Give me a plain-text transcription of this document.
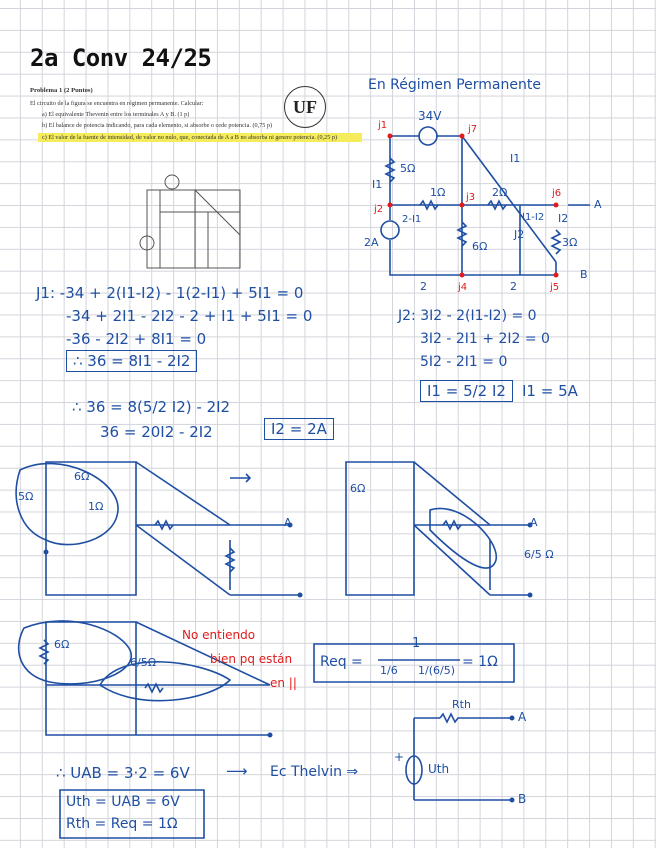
2a Conv 24/25
Problema 1 (2 Puntos)
El circuito de la figura se encuentra en régimen permanente. Calcular:
a) El equivalente Thevenin entre los terminales A y B. (1 p)
b) El balance de potencia indicando, para cada elemento, si absorbe o cede potencia. (0,75 p)
c) El valor de la fuente de intensidad, de valor no nulo, que, conectada de A a B no absorba ni genere potencia. (0,25 p)
UF
En Régimen Permanente
34V
j1	j7
j3	j6
j2
j4	j5
5Ω
1Ω	2Ω
6Ω	3Ω
2A
I1
I1
2-I1	I1-I2 I2
J2
A
B
2	2
J1: -34 + 2(I1-I2) - 1(2-I1) + 5I1 = 0
-34 + 2I1 - 2I2 - 2 + I1 + 5I1 = 0
-36 - 2I2 + 8I1 = 0
∴ 36 = 8I1 - 2I2
J2: 3I2 - 2(I1-I2) = 0
3I2 - 2I1 + 2I2 = 0
5I2 - 2I1 = 0
I1 = 5/2 I2	I1 = 5A
∴ 36 = 8(5/2 I2) - 2I2
36 = 20I2 - 2I2	I2 = 2A
5Ω
6Ω
1Ω
A
6Ω
6/5 Ω
A
6Ω
6/5Ω
No entiendo
bien pq están
en ||
Req =
1
1/6 1/(6/5)
= 1Ω
∴ UAB = 3·2 = 6V ⟶ Ec Thelvin ⇒
Uth = UAB = 6V
Rth = Req = 1Ω
Rth
Uth
+
A
B
